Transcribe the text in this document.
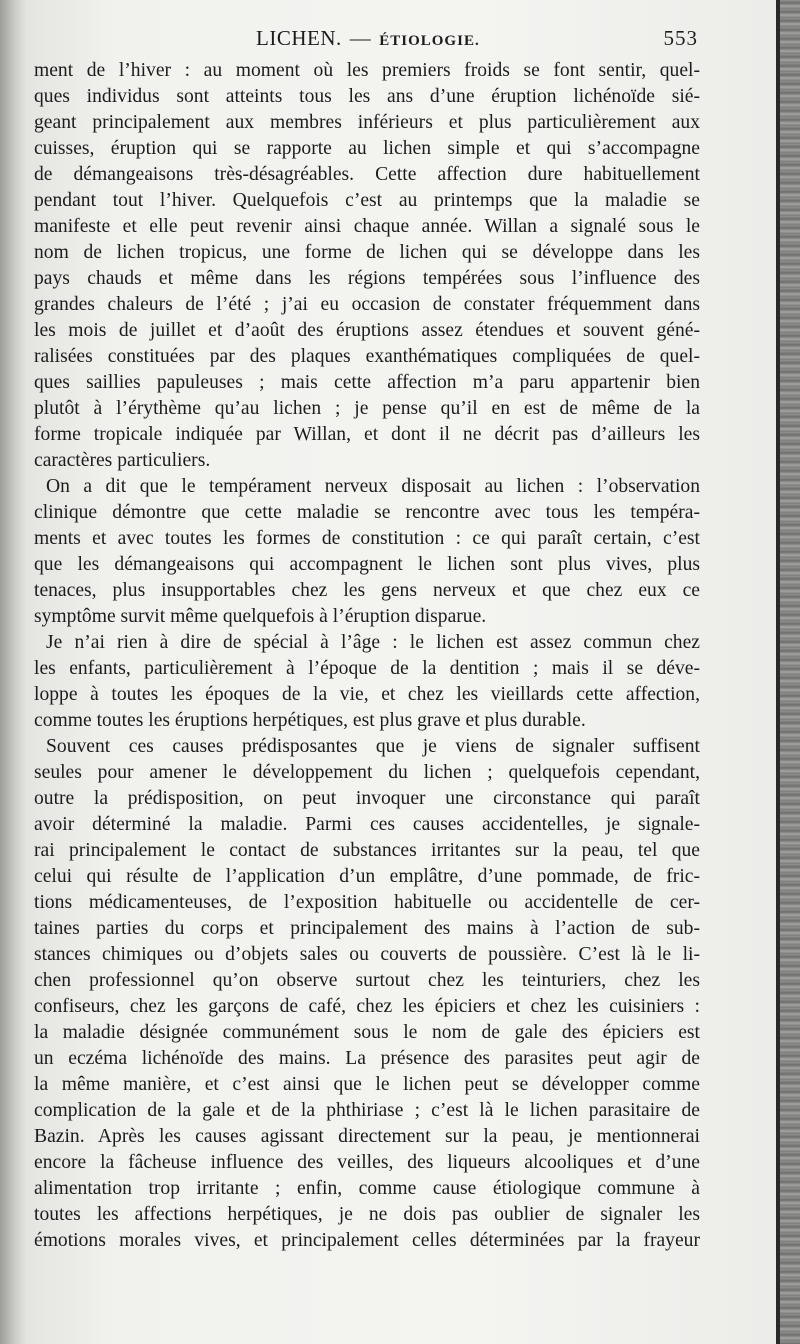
LICHEN. — ÉTIOLOGIE.	553
ment de l’hiver : au moment où les premiers froids se font sentir, quel-
ques individus sont atteints tous les ans d’une éruption lichénoïde sié-
geant principalement aux membres inférieurs et plus particulièrement aux
cuisses, éruption qui se rapporte au lichen simple et qui s’accompagne
de démangeaisons très-désagréables. Cette affection dure habituellement
pendant tout l’hiver. Quelquefois c’est au printemps que la maladie se
manifeste et elle peut revenir ainsi chaque année. Willan a signalé sous le
nom de lichen tropicus, une forme de lichen qui se développe dans les
pays chauds et même dans les régions tempérées sous l’influence des
grandes chaleurs de l’été ; j’ai eu occasion de constater fréquemment dans
les mois de juillet et d’août des éruptions assez étendues et souvent géné-
ralisées constituées par des plaques exanthématiques compliquées de quel-
ques saillies papuleuses ; mais cette affection m’a paru appartenir bien
plutôt à l’érythème qu’au lichen ; je pense qu’il en est de même de la
forme tropicale indiquée par Willan, et dont il ne décrit pas d’ailleurs les
caractères particuliers.
On a dit que le tempérament nerveux disposait au lichen : l’observation
clinique démontre que cette maladie se rencontre avec tous les tempéra-
ments et avec toutes les formes de constitution : ce qui paraît certain, c’est
que les démangeaisons qui accompagnent le lichen sont plus vives, plus
tenaces, plus insupportables chez les gens nerveux et que chez eux ce
symptôme survit même quelquefois à l’éruption disparue.
Je n’ai rien à dire de spécial à l’âge : le lichen est assez commun chez
les enfants, particulièrement à l’époque de la dentition ; mais il se déve-
loppe à toutes les époques de la vie, et chez les vieillards cette affection,
comme toutes les éruptions herpétiques, est plus grave et plus durable.
Souvent ces causes prédisposantes que je viens de signaler suffisent
seules pour amener le développement du lichen ; quelquefois cependant,
outre la prédisposition, on peut invoquer une circonstance qui paraît
avoir déterminé la maladie. Parmi ces causes accidentelles, je signale-
rai principalement le contact de substances irritantes sur la peau, tel que
celui qui résulte de l’application d’un emplâtre, d’une pommade, de fric-
tions médicamenteuses, de l’exposition habituelle ou accidentelle de cer-
taines parties du corps et principalement des mains à l’action de sub-
stances chimiques ou d’objets sales ou couverts de poussière. C’est là le li-
chen professionnel qu’on observe surtout chez les teinturiers, chez les
confiseurs, chez les garçons de café, chez les épiciers et chez les cuisiniers :
la maladie désignée communément sous le nom de gale des épiciers est
un eczéma lichénoïde des mains. La présence des parasites peut agir de
la même manière, et c’est ainsi que le lichen peut se développer comme
complication de la gale et de la phthiriase ; c’est là le lichen parasitaire de
Bazin. Après les causes agissant directement sur la peau, je mentionnerai
encore la fâcheuse influence des veilles, des liqueurs alcooliques et d’une
alimentation trop irritante ; enfin, comme cause étiologique commune à
toutes les affections herpétiques, je ne dois pas oublier de signaler les
émotions morales vives, et principalement celles déterminées par la frayeur
